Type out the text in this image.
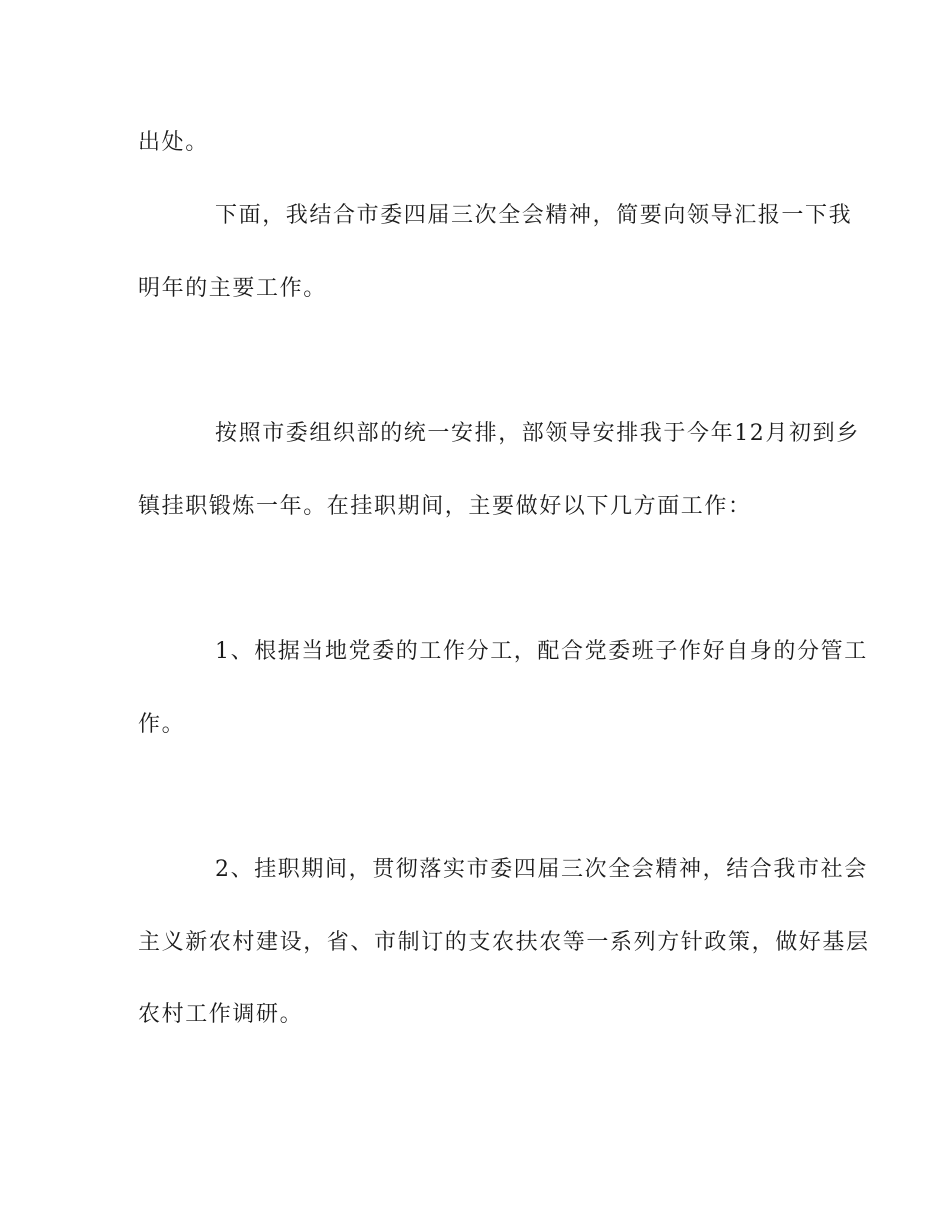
出处。
下面，我结合市委四届三次全会精神，简要向领导汇报一下我
明年的主要工作。
按照市委组织部的统一安排，部领导安排我于今年12月初到乡
镇挂职锻炼一年。在挂职期间，主要做好以下几方面工作：
1、根据当地党委的工作分工，配合党委班子作好自身的分管工
作。
2、挂职期间，贯彻落实市委四届三次全会精神，结合我市社会
主义新农村建设，省、市制订的支农扶农等一系列方针政策，做好基层
农村工作调研。
